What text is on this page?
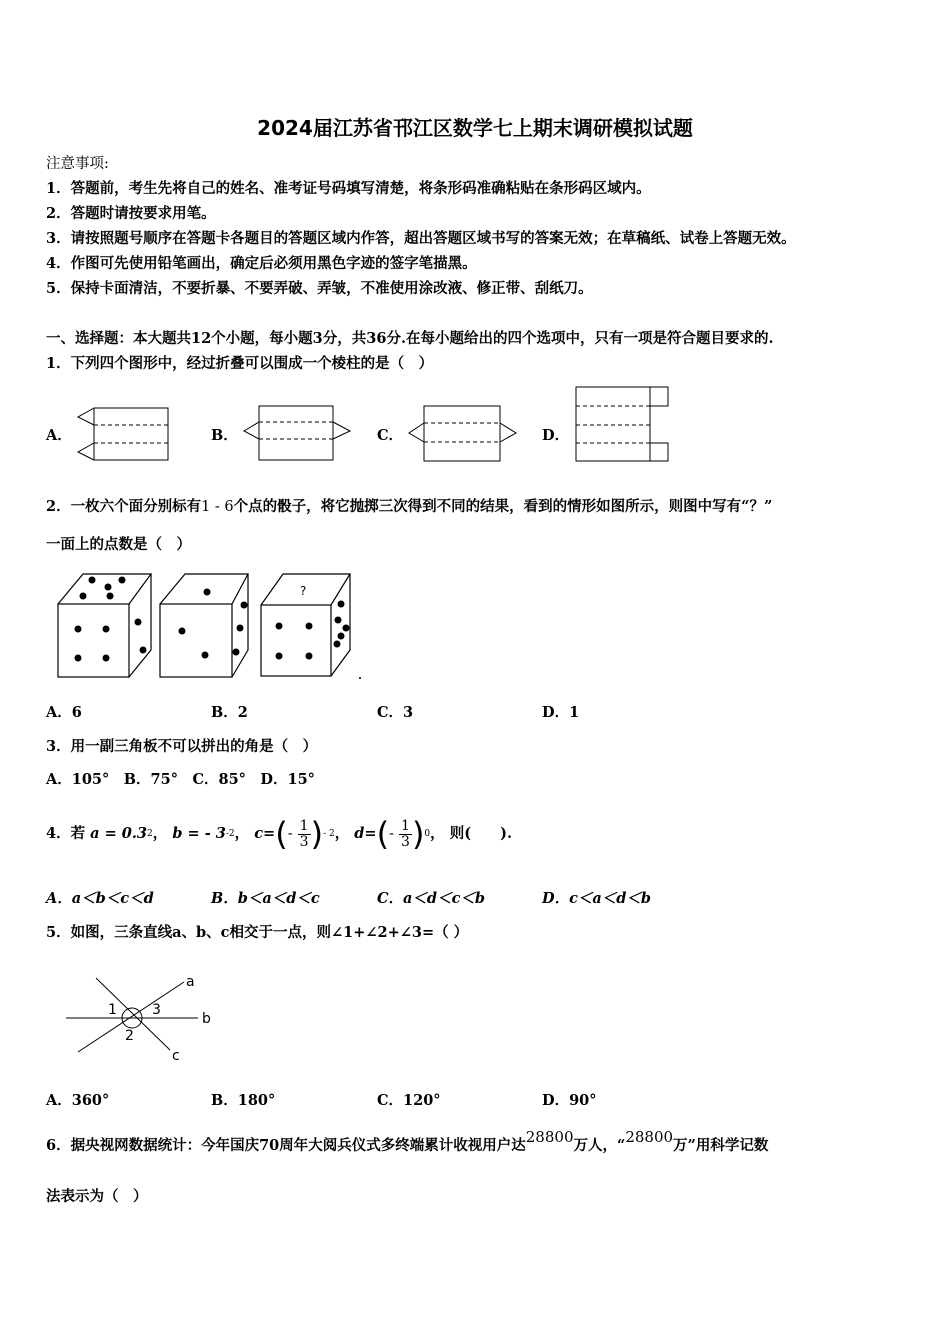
2024届江苏省邗江区数学七上期末调研模拟试题
注意事项:
1．答题前，考生先将自己的姓名、准考证号码填写清楚，将条形码准确粘贴在条形码区域内。
2．答题时请按要求用笔。
3．请按照题号顺序在答题卡各题目的答题区域内作答，超出答题区域书写的答案无效；在草稿纸、试卷上答题无效。
4．作图可先使用铅笔画出，确定后必须用黑色字迹的签字笔描黑。
5．保持卡面清洁，不要折暴、不要弄破、弄皱，不准使用涂改液、修正带、刮纸刀。
一、选择题：本大题共12个小题，每小题3分，共36分.在每小题给出的四个选项中，只有一项是符合题目要求的.
1．下列四个图形中，经过折叠可以围成一个棱柱的是（　）
A．	B．	C．	D．
2．一枚六个面分别标有1 - 6个点的骰子，将它抛掷三次得到不同的结果，看到的情形如图所示，则图中写有“？”
一面上的点数是（　）
?
A．6	B．2	C．3	D．1
3．用一副三角板不可以拼出的角是（　）
A．105°　B．75°　C．85°　D．15°
4．若 $a = 0.3^2$， b = - $3^{-2}$， $c=(- \frac{1}{3} )^{- 2}$， $d=(- \frac{1}{3} )^0$， 则(　　).
A．a＜b＜c＜d	B．b＜a＜d＜c	C．a＜d＜c＜b	D．c＜a＜d＜b
5．如图，三条直线a、b、c相交于一点，则∠1+∠2+∠3=（ ）
a
b
c
1
2
3
A．360°	B．180°	C．120°	D．90°
6．据央视网数据统计：今年国庆70周年大阅兵仪式多终端累计收视用户达28800万人，“28800万”用科学记数
法表示为（　）
